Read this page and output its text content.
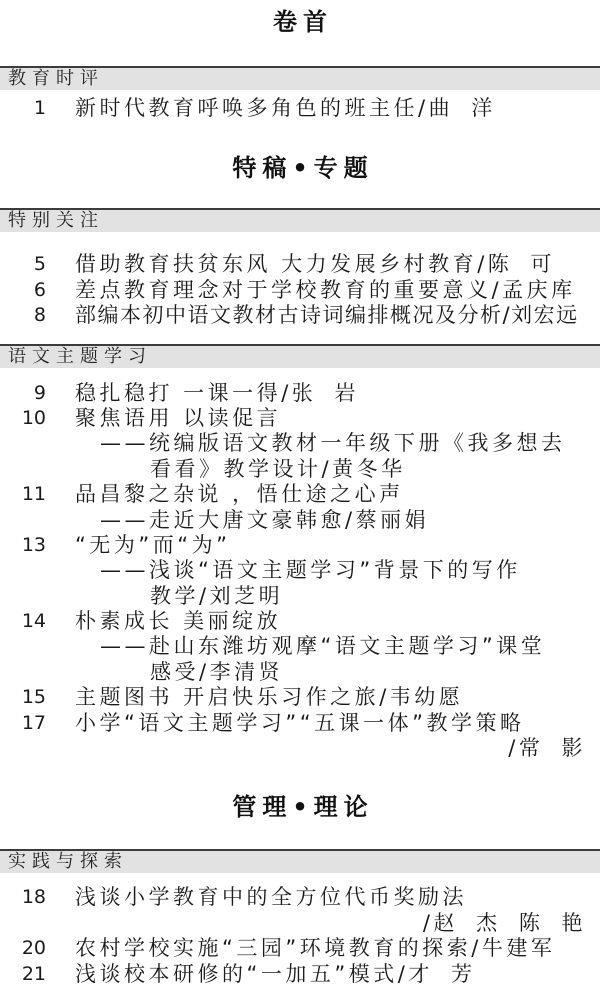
卷首
教育时评
1 新时代教育呼唤多角色的班主任/曲 洋
特稿•专题
特别关注
5 借助教育扶贫东风 大力发展乡村教育/陈 可
6 差点教育理念对于学校教育的重要意义/孟庆库
8 部编本初中语文教材古诗词编排概况及分析/刘宏远
语文主题学习
9 稳扎稳打 一课一得/张 岩
10 聚焦语用 以读促言
——统编版语文教材一年级下册《我多想去
看看》教学设计/黄冬华
11 品昌黎之杂说 ，悟仕途之心声
——走近大唐文豪韩愈/蔡丽娟
13 “无为”而“为”
——浅谈“语文主题学习”背景下的写作
教学/刘芝明
14 朴素成长 美丽绽放
——赴山东潍坊观摩“语文主题学习”课堂
感受/李清贤
15 主题图书 开启快乐习作之旅/韦幼愿
17 小学“语文主题学习”“五课一体”教学策略
/常 影
管理•理论
实践与探索
18 浅谈小学教育中的全方位代币奖励法
/赵 杰 陈 艳
20 农村学校实施“三园”环境教育的探索/牛建军
21 浅谈校本研修的“一加五”模式/才 芳
